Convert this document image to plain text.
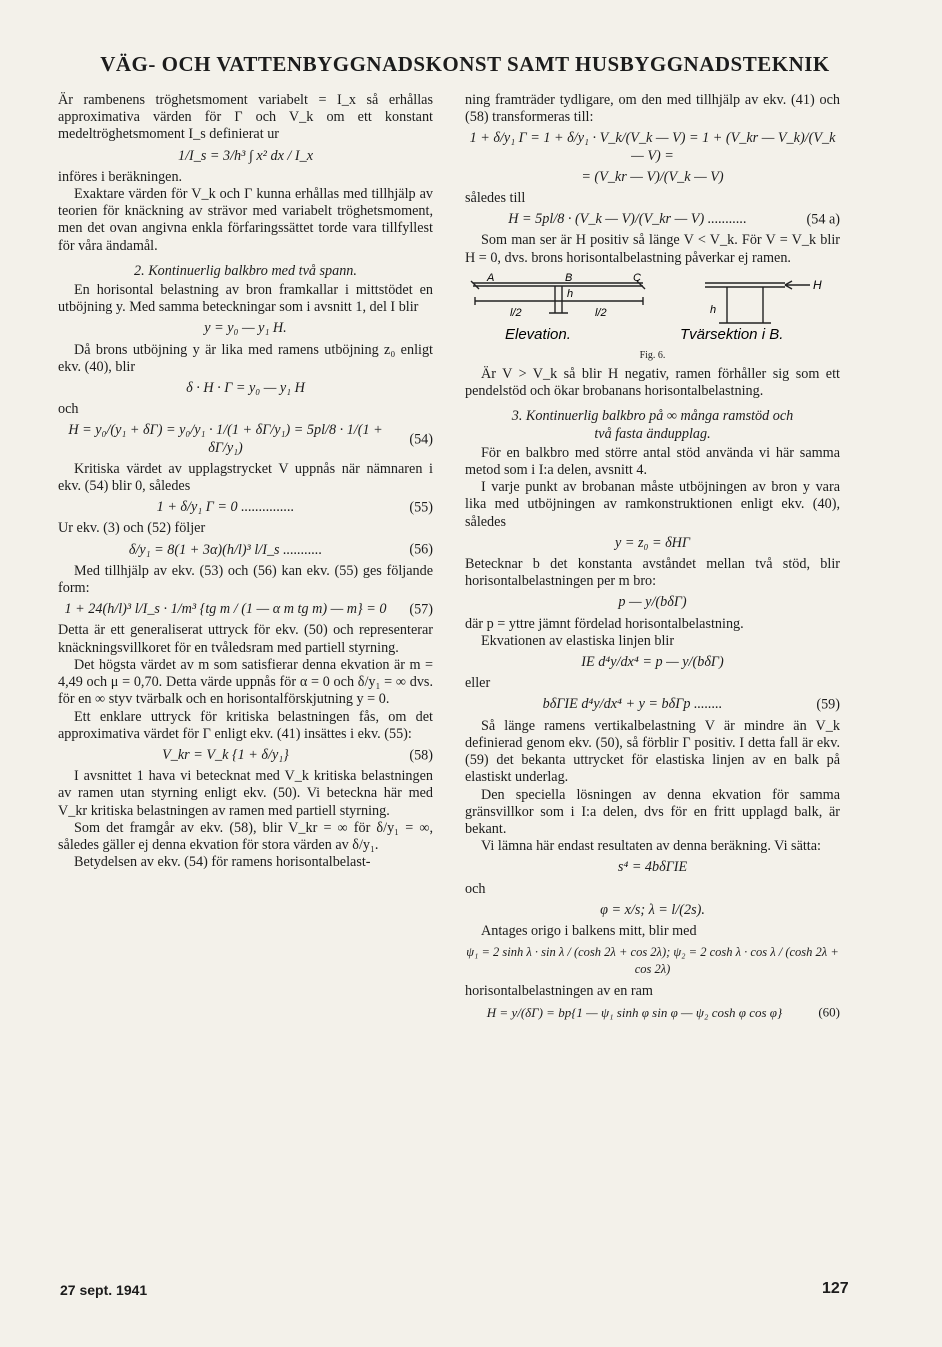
VÄG- OCH VATTENBYGGNADSKONST SAMT HUSBYGGNADSTEKNIK

Är rambenens tröghetsmoment variabelt = I_x så erhållas approximativa värden för Γ och V_k om ett konstant medeltröghetsmoment I_s definierat ur

1/I_s = 3/h³ ∫ x² dx / I_x

införes i beräkningen.

Exaktare värden för V_k och Γ kunna erhållas med tillhjälp av teorien för knäckning av strävor med variabelt tröghetsmoment, men det ovan angivna enkla förfaringssättet torde vara tillfyllest för våra ändamål.

2. Kontinuerlig balkbro med två spann.

En horisontal belastning av bron framkallar i mittstödet en utböjning y. Med samma beteckningar som i avsnitt 1, del I blir

y = y₀ — y₁ H.

Då brons utböjning y är lika med ramens utböjning z₀ enligt ekv. (40), blir

δ · H · Γ = y₀ — y₁ H

och

H = y₀/(y₁ + δΓ) = y₀/y₁ · 1/(1 + δΓ/y₁) = 5pl/8 · 1/(1 + δΓ/y₁)
(54)

Kritiska värdet av upplagstrycket V uppnås när nämnaren i ekv. (54) blir 0, således

1 + δ/y₁ Γ = 0 ...............	(55)

Ur ekv. (3) och (52) följer

δ/y₁ = 8(1 + 3α)(h/l)³ l/I_s ...........	(56)

Med tillhjälp av ekv. (53) och (56) kan ekv. (55) ges följande form:

1 + 24(h/l)³ l/I_s · 1/m³ {tg m / (1 — α m tg m) — m} = 0 (57)

Detta är ett generaliserat uttryck för ekv. (50) och representerar knäckningsvillkoret för en tvåledsram med partiell styrning.

Det högsta värdet av m som satisfierar denna ekvation är m = 4,49 och μ = 0,70. Detta värde uppnås för α = 0 och δ/y₁ = ∞ dvs. för en ∞ styv tvärbalk och en horisontalförskjutning y = 0.

Ett enklare uttryck för kritiska belastningen fås, om det approximativa värdet för Γ enligt ekv. (41) insättes i ekv. (55):

V_kr = V_k {1 + δ/y₁}	(58)

I avsnittet 1 hava vi betecknat med V_k kritiska belastningen av ramen utan styrning enligt ekv. (50). Vi beteckna här med V_kr kritiska belastningen av ramen med partiell styrning.

Som det framgår av ekv. (58), blir V_kr = ∞ för δ/y₁ = ∞, således gäller ej denna ekvation för stora värden av δ/y₁.

Betydelsen av ekv. (54) för ramens horisontalbelast-

ning framträder tydligare, om den med tillhjälp av ekv. (41) och (58) transformeras till:

1 + δ/y₁ Γ = 1 + δ/y₁ · V_k/(V_k — V) = 1 + (V_kr — V_k)/(V_k — V) =
= (V_kr — V)/(V_k — V)

således till

H = 5pl/8 · (V_k — V)/(V_kr — V) ...........	(54 a)

Som man ser är H positiv så länge V < V_k. För V = V_k blir H = 0, dvs. brons horisontalbelastning påverkar ej ramen.

A	B	C
h
l/2	l/2	h
H
Elevation.	Tvärsektion i B.
Fig. 6.

Är V > V_k så blir H negativ, ramen förhåller sig som ett pendelstöd och ökar brobanans horisontalbelastning.

3. Kontinuerlig balkbro på ∞ många ramstöd och
två fasta ändupplag.

För en balkbro med större antal stöd använda vi här samma metod som i I:a delen, avsnitt 4.

I varje punkt av brobanan måste utböjningen av bron y vara lika med utböjningen av ramkonstruktionen enligt ekv. (40), således

y = z₀ = δHΓ

Betecknar b det konstanta avståndet mellan två stöd, blir horisontalbelastningen per m bro:

p — y/(bδΓ)

där p = yttre jämnt fördelad horisontalbelastning.

Ekvationen av elastiska linjen blir

IE d⁴y/dx⁴ = p — y/(bδΓ)

eller

bδΓIE d⁴y/dx⁴ + y = bδΓp ........	(59)

Så länge ramens vertikalbelastning V är mindre än V_k definierad genom ekv. (50), så förblir Γ positiv. I detta fall är ekv. (59) det bekanta uttrycket för elastiska linjen av en balk på elastiskt underlag.

Den speciella lösningen av denna ekvation för samma gränsvillkor som i I:a delen, dvs för en fritt upplagd balk, är bekant.

Vi lämna här endast resultaten av denna beräkning. Vi sätta:

s⁴ = 4bδΓIE

och

φ = x/s; λ = l/(2s).

Antages origo i balkens mitt, blir med

ψ₁ = 2 sinh λ · sin λ / (cosh 2λ + cos 2λ); ψ₂ = 2 cosh λ · cos λ / (cosh 2λ + cos 2λ)

horisontalbelastningen av en ram

H = y/(δΓ) = bp{1 — ψ₁ sinh φ sin φ — ψ₂ cosh φ cos φ}	(60)
27 sept. 1941	127
